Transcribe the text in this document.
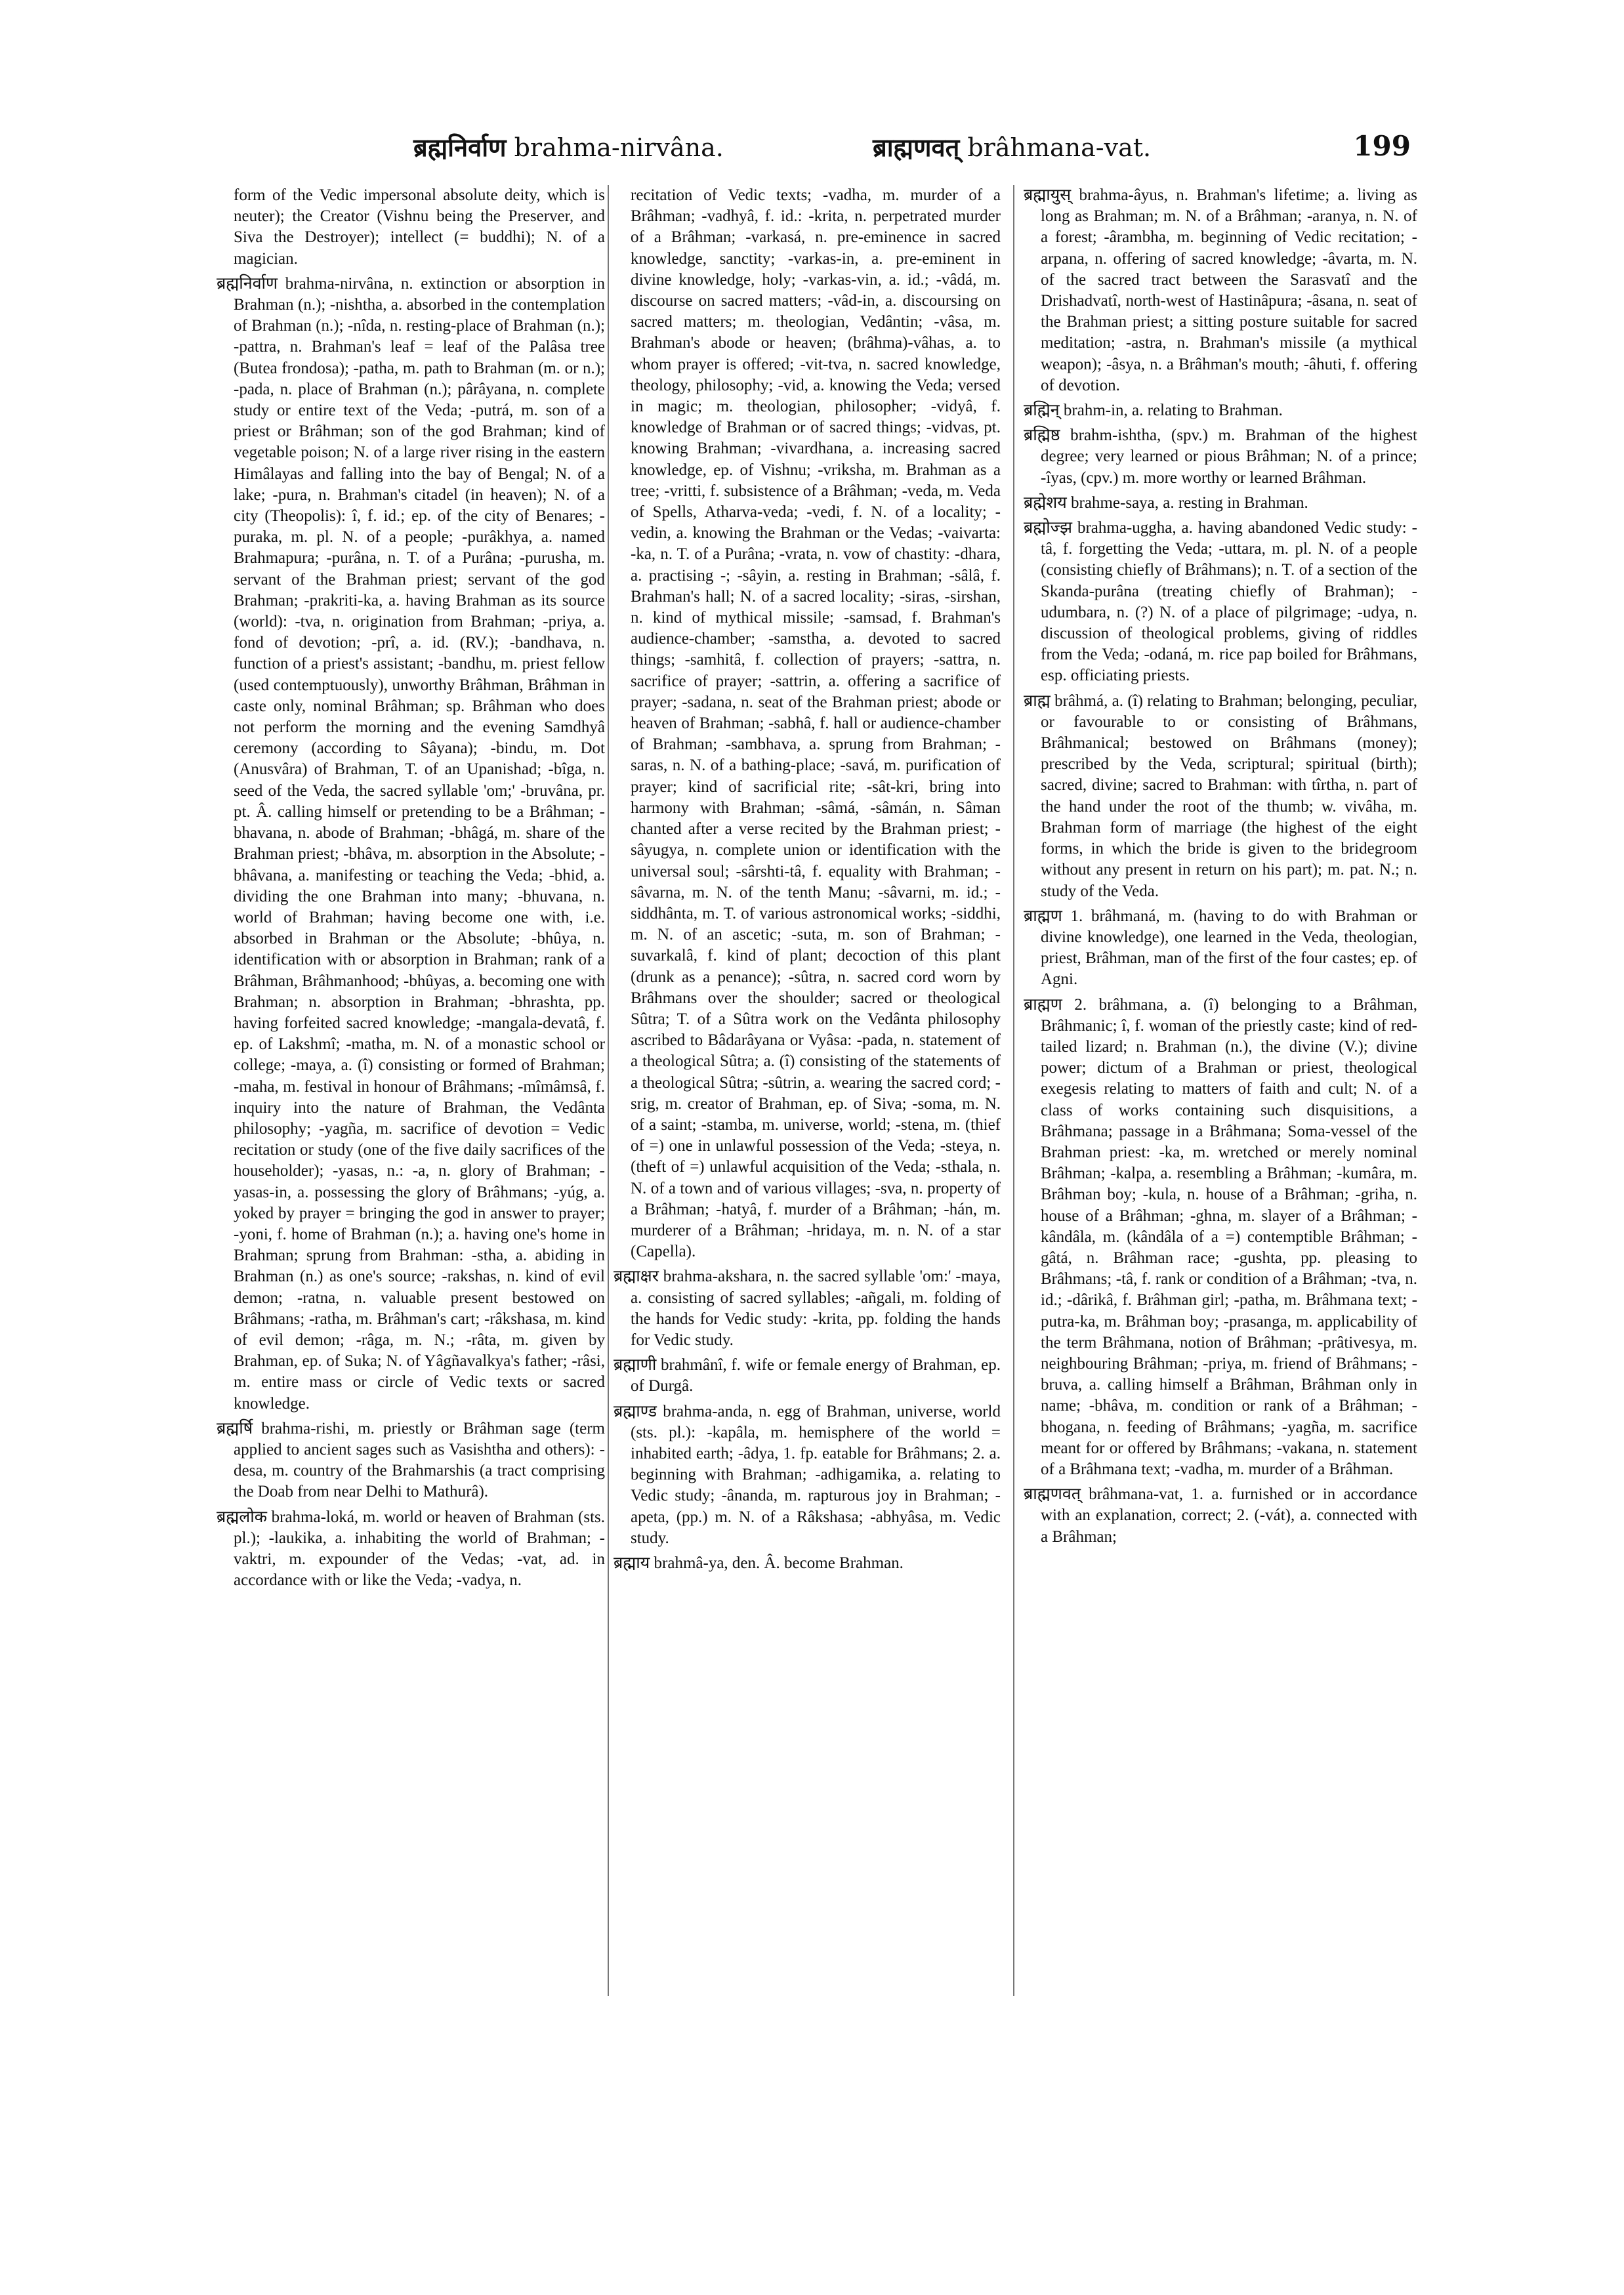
ब्रह्मनिर्वाण brahma-nirvâna.	ब्राह्मणवत् brâhmana-vat.	199

form of the Vedic impersonal absolute deity, which is neuter); the Creator (Vishnu being the Preserver, and Siva the Destroyer); intellect (= buddhi); N. of a magician.

ब्रह्मनिर्वाण brahma-nirvâna, n. extinction or absorption in Brahman (n.); -nishtha, a. absorbed in the contemplation of Brahman (n.); -nîda, n. resting-place of Brahman (n.); -pattra, n. Brahman's leaf = leaf of the Palâsa tree (Butea frondosa); -patha, m. path to Brahman (m. or n.); -pada, n. place of Brahman (n.); pârâyana, n. complete study or entire text of the Veda; -putrá, m. son of a priest or Brâhman; son of the god Brahman; kind of vegetable poison; N. of a large river rising in the eastern Himâlayas and falling into the bay of Bengal; N. of a lake; -pura, n. Brahman's citadel (in heaven); N. of a city (Theopolis): î, f. id.; ep. of the city of Benares; -puraka, m. pl. N. of a people; -purâkhya, a. named Brahmapura; -purâna, n. T. of a Purâna; -purusha, m. servant of the Brahman priest; servant of the god Brahman; -prakriti-ka, a. having Brahman as its source (world): -tva, n. origination from Brahman; -priya, a. fond of devotion; -prî, a. id. (RV.); -bandhava, n. function of a priest's assistant; -bandhu, m. priest fellow (used contemptuously), unworthy Brâhman, Brâhman in caste only, nominal Brâhman; sp. Brâhman who does not perform the morning and the evening Samdhyâ ceremony (according to Sâyana); -bindu, m. Dot (Anusvâra) of Brahman, T. of an Upanishad; -bîga, n. seed of the Veda, the sacred syllable 'om;' -bruvâna, pr. pt. Â. calling himself or pretending to be a Brâhman; -bhavana, n. abode of Brahman; -bhâgá, m. share of the Brahman priest; -bhâva, m. absorption in the Absolute; -bhâvana, a. manifesting or teaching the Veda; -bhid, a. dividing the one Brahman into many; -bhuvana, n. world of Brahman; having become one with, i.e. absorbed in Brahman or the Absolute; -bhûya, n. identification with or absorption in Brahman; rank of a Brâhman, Brâhmanhood; -bhûyas, a. becoming one with Brahman; n. absorption in Brahman; -bhrashta, pp. having forfeited sacred knowledge; -mangala-devatâ, f. ep. of Lakshmî; -matha, m. N. of a monastic school or college; -maya, a. (î) consisting or formed of Brahman; -maha, m. festival in honour of Brâhmans; -mîmâmsâ, f. inquiry into the nature of Brahman, the Vedânta philosophy; -yagña, m. sacrifice of devotion = Vedic recitation or study (one of the five daily sacrifices of the householder); -yasas, n.: -a, n. glory of Brahman; -yasas-in, a. possessing the glory of Brâhmans; -yúg, a. yoked by prayer = bringing the god in answer to prayer; -yoni, f. home of Brahman (n.); a. having one's home in Brahman; sprung from Brahman: -stha, a. abiding in Brahman (n.) as one's source; -rakshas, n. kind of evil demon; -ratna, n. valuable present bestowed on Brâhmans; -ratha, m. Brâhman's cart; -râkshasa, m. kind of evil demon; -râga, m. N.; -râta, m. given by Brahman, ep. of Suka; N. of Yâgñavalkya's father; -râsi, m. entire mass or circle of Vedic texts or sacred knowledge.

ब्रह्मर्षि brahma-rishi, m. priestly or Brâhman sage (term applied to ancient sages such as Vasishtha and others): -desa, m. country of the Brahmarshis (a tract comprising the Doab from near Delhi to Mathurâ).

ब्रह्मलोक brahma-loká, m. world or heaven of Brahman (sts. pl.); -laukika, a. inhabiting the world of Brahman; -vaktri, m. expounder of the Vedas; -vat, ad. in accordance with or like the Veda; -vadya, n.

recitation of Vedic texts; -vadha, m. murder of a Brâhman; -vadhyâ, f. id.: -krita, n. perpetrated murder of a Brâhman; -varkasá, n. pre-eminence in sacred knowledge, sanctity; -varkas-in, a. pre-eminent in divine knowledge, holy; -varkas-vin, a. id.; -vâdá, m. discourse on sacred matters; -vâd-in, a. discoursing on sacred matters; m. theologian, Vedântin; -vâsa, m. Brahman's abode or heaven; (brâhma)-vâhas, a. to whom prayer is offered; -vit-tva, n. sacred knowledge, theology, philosophy; -vid, a. knowing the Veda; versed in magic; m. theologian, philosopher; -vidyâ, f. knowledge of Brahman or of sacred things; -vidvas, pt. knowing Brahman; -vivardhana, a. increasing sacred knowledge, ep. of Vishnu; -vriksha, m. Brahman as a tree; -vritti, f. subsistence of a Brâhman; -veda, m. Veda of Spells, Atharva-veda; -vedi, f. N. of a locality; -vedin, a. knowing the Brahman or the Vedas; -vaivarta: -ka, n. T. of a Purâna; -vrata, n. vow of chastity: -dhara, a. practising -; -sâyin, a. resting in Brahman; -sâlâ, f. Brahman's hall; N. of a sacred locality; -siras, -sirshan, n. kind of mythical missile; -samsad, f. Brahman's audience-chamber; -samstha, a. devoted to sacred things; -samhitâ, f. collection of prayers; -sattra, n. sacrifice of prayer; -sattrin, a. offering a sacrifice of prayer; -sadana, n. seat of the Brahman priest; abode or heaven of Brahman; -sabhâ, f. hall or audience-chamber of Brahman; -sambhava, a. sprung from Brahman; -saras, n. N. of a bathing-place; -savá, m. purification of prayer; kind of sacrificial rite; -sât-kri, bring into harmony with Brahman; -sâmá, -sâmán, n. Sâman chanted after a verse recited by the Brahman priest; -sâyugya, n. complete union or identification with the universal soul; -sârshti-tâ, f. equality with Brahman; -sâvarna, m. N. of the tenth Manu; -sâvarni, m. id.; -siddhânta, m. T. of various astronomical works; -siddhi, m. N. of an ascetic; -suta, m. son of Brahman; -suvarkalâ, f. kind of plant; decoction of this plant (drunk as a penance); -sûtra, n. sacred cord worn by Brâhmans over the shoulder; sacred or theological Sûtra; T. of a Sûtra work on the Vedânta philosophy ascribed to Bâdarâyana or Vyâsa: -pada, n. statement of a theological Sûtra; a. (î) consisting of the statements of a theological Sûtra; -sûtrin, a. wearing the sacred cord; -srig, m. creator of Brahman, ep. of Siva; -soma, m. N. of a saint; -stamba, m. universe, world; -stena, m. (thief of =) one in unlawful possession of the Veda; -steya, n. (theft of =) unlawful acquisition of the Veda; -sthala, n. N. of a town and of various villages; -sva, n. property of a Brâhman; -hatyâ, f. murder of a Brâhman; -hán, m. murderer of a Brâhman; -hridaya, m. n. N. of a star (Capella).

ब्रह्माक्षर brahma-akshara, n. the sacred syllable 'om:' -maya, a. consisting of sacred syllables; -añgali, m. folding of the hands for Vedic study: -krita, pp. folding the hands for Vedic study.

ब्रह्माणी brahmânî, f. wife or female energy of Brahman, ep. of Durgâ.

ब्रह्माण्ड brahma-anda, n. egg of Brahman, universe, world (sts. pl.): -kapâla, m. hemisphere of the world = inhabited earth; -âdya, 1. fp. eatable for Brâhmans; 2. a. beginning with Brahman; -adhigamika, a. relating to Vedic study; -ânanda, m. rapturous joy in Brahman; -apeta, (pp.) m. N. of a Râkshasa; -abhyâsa, m. Vedic study.

ब्रह्माय brahmâ-ya, den. Â. become Brahman.

ब्रह्मायुस् brahma-âyus, n. Brahman's lifetime; a. living as long as Brahman; m. N. of a Brâhman; -aranya, n. N. of a forest; -ârambha, m. beginning of Vedic recitation; -arpana, n. offering of sacred knowledge; -âvarta, m. N. of the sacred tract between the Sarasvatî and the Drishadvatî, north-west of Hastinâpura; -âsana, n. seat of the Brahman priest; a sitting posture suitable for sacred meditation; -astra, n. Brahman's missile (a mythical weapon); -âsya, n. a Brâhman's mouth; -âhuti, f. offering of devotion.

ब्रह्मिन् brahm-in, a. relating to Brahman.

ब्रह्मिष्ठ brahm-ishtha, (spv.) m. Brahman of the highest degree; very learned or pious Brâhman; N. of a prince; -îyas, (cpv.) m. more worthy or learned Brâhman.

ब्रह्मेशय brahme-saya, a. resting in Brahman.

ब्रह्मोज्झ brahma-uggha, a. having abandoned Vedic study: -tâ, f. forgetting the Veda; -uttara, m. pl. N. of a people (consisting chiefly of Brâhmans); n. T. of a section of the Skanda-purâna (treating chiefly of Brahman); -udumbara, n. (?) N. of a place of pilgrimage; -udya, n. discussion of theological problems, giving of riddles from the Veda; -odaná, m. rice pap boiled for Brâhmans, esp. officiating priests.

ब्राह्म brâhmá, a. (î) relating to Brahman; belonging, peculiar, or favourable to or consisting of Brâhmans, Brâhmanical; bestowed on Brâhmans (money); prescribed by the Veda, scriptural; spiritual (birth); sacred, divine; sacred to Brahman: with tîrtha, n. part of the hand under the root of the thumb; w. vivâha, m. Brahman form of marriage (the highest of the eight forms, in which the bride is given to the bridegroom without any present in return on his part); m. pat. N.; n. study of the Veda.

ब्राह्मण 1. brâhmaná, m. (having to do with Brahman or divine knowledge), one learned in the Veda, theologian, priest, Brâhman, man of the first of the four castes; ep. of Agni.

ब्राह्मण 2. brâhmana, a. (î) belonging to a Brâhman, Brâhmanic; î, f. woman of the priestly caste; kind of red-tailed lizard; n. Brahman (n.), the divine (V.); divine power; dictum of a Brahman or priest, theological exegesis relating to matters of faith and cult; N. of a class of works containing such disquisitions, a Brâhmana; passage in a Brâhmana; Soma-vessel of the Brahman priest: -ka, m. wretched or merely nominal Brâhman; -kalpa, a. resembling a Brâhman; -kumâra, m. Brâhman boy; -kula, n. house of a Brâhman; -griha, n. house of a Brâhman; -ghna, m. slayer of a Brâhman; -kândâla, m. (kândâla of a =) contemptible Brâhman; -gâtá, n. Brâhman race; -gushta, pp. pleasing to Brâhmans; -tâ, f. rank or condition of a Brâhman; -tva, n. id.; -dârikâ, f. Brâhman girl; -patha, m. Brâhmana text; -putra-ka, m. Brâhman boy; -prasanga, m. applicability of the term Brâhmana, notion of Brâhman; -prâtivesya, m. neighbouring Brâhman; -priya, m. friend of Brâhmans; -bruva, a. calling himself a Brâhman, Brâhman only in name; -bhâva, m. condition or rank of a Brâhman; -bhogana, n. feeding of Brâhmans; -yagña, m. sacrifice meant for or offered by Brâhmans; -vakana, n. statement of a Brâhmana text; -vadha, m. murder of a Brâhman.

ब्राह्मणवत् brâhmana-vat, 1. a. furnished or in accordance with an explanation, correct; 2. (-vát), a. connected with a Brâhman;
